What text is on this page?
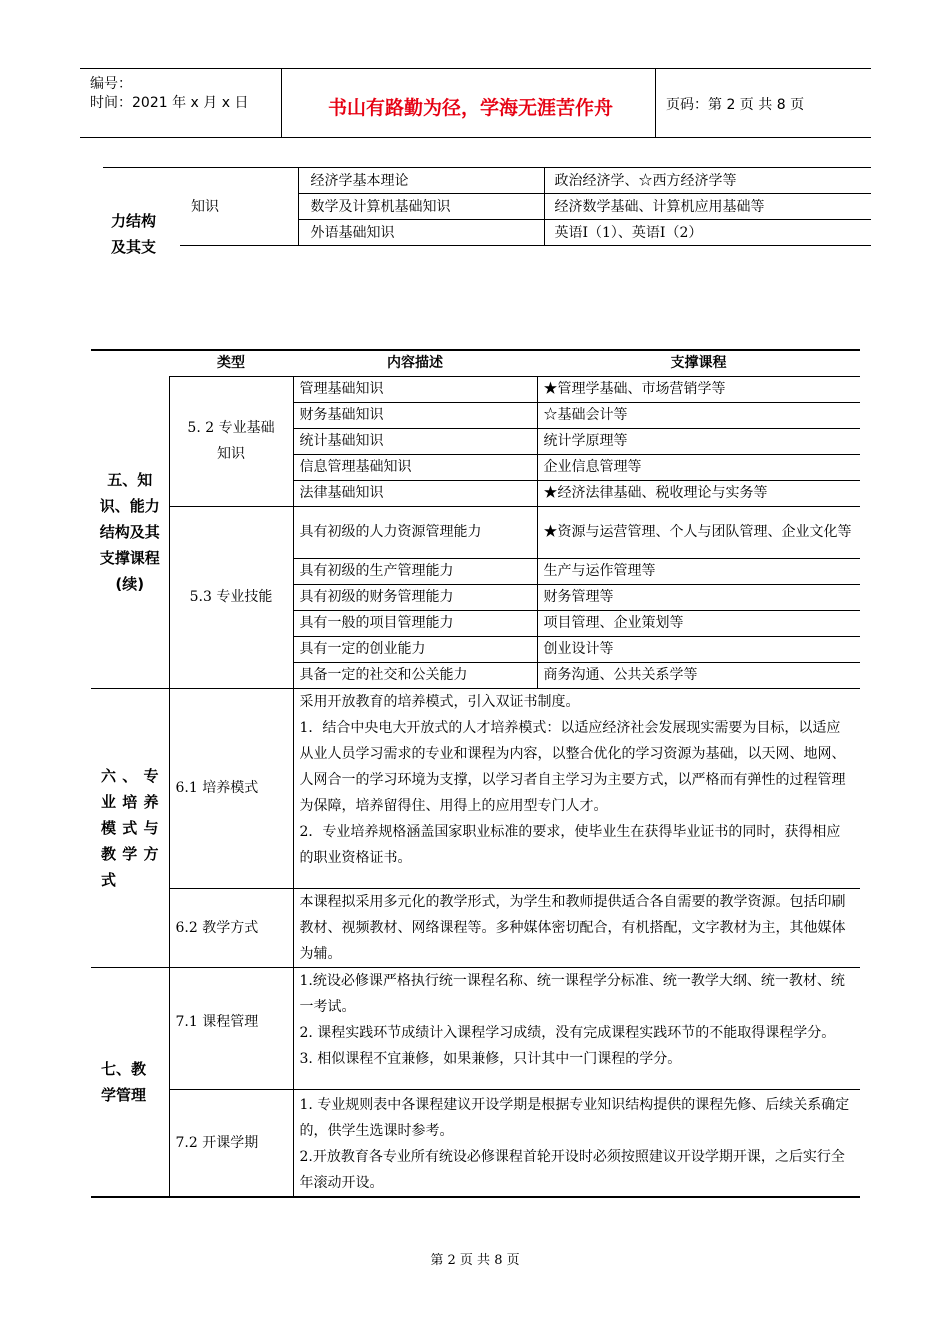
编号：
时间：2021 年 x 月 x 日	书山有路勤为径，学海无涯苦作舟	页码：第 2 页 共 8 页
力结构
及其支
知识	经济学基本理论	政治经济学、☆西方经济学等
	数学及计算机基础知识	经济数学基础、计算机应用基础等
	外语基础知识	英语Ⅰ（1）、英语Ⅰ（2）
	类型	内容描述	支撑课程
五、知识、能力结构及其支撑课程(续)	5. 2 专业基础知识	管理基础知识	★管理学基础、市场营销学等
		财务基础知识	☆基础会计等
		统计基础知识	统计学原理等
		信息管理基础知识	企业信息管理等
		法律基础知识	★经济法律基础、税收理论与实务等
	5.3 专业技能	具有初级的人力资源管理能力	★资源与运营管理、个人与团队管理、企业文化等
		具有初级的生产管理能力	生产与运作管理等
		具有初级的财务管理能力	财务管理等
		具有一般的项目管理能力	项目管理、企业策划等
		具有一定的创业能力	创业设计等
		具备一定的社交和公关能力	商务沟通、公共关系学等
六、专业培养模式与教学方式	6.1 培养模式	采用开放教育的培养模式，引入双证书制度。
1．结合中央电大开放式的人才培养模式：以适应经济社会发展现实需要为目标，以适应从业人员学习需求的专业和课程为内容，以整合优化的学习资源为基础，以天网、地网、人网合一的学习环境为支撑，以学习者自主学习为主要方式，以严格而有弹性的过程管理为保障，培养留得住、用得上的应用型专门人才。
2．专业培养规格涵盖国家职业标准的要求，使毕业生在获得毕业证书的同时，获得相应的职业资格证书。	
	6.2 教学方式	本课程拟采用多元化的教学形式，为学生和教师提供适合各自需要的教学资源。包括印刷教材、视频教材、网络课程等。多种媒体密切配合，有机搭配，文字教材为主，其他媒体为辅。	
七、教学管理	7.1 课程管理	1.统设必修课严格执行统一课程名称、统一课程学分标准、统一教学大纲、统一教材、统一考试。
2. 课程实践环节成绩计入课程学习成绩，没有完成课程实践环节的不能取得课程学分。
3. 相似课程不宜兼修，如果兼修，只计其中一门课程的学分。	
	7.2 开课学期	1. 专业规则表中各课程建议开设学期是根据专业知识结构提供的课程先修、后续关系确定的，供学生选课时参考。
2.开放教育各专业所有统设必修课程首轮开设时必须按照建议开设学期开课，之后实行全年滚动开设。	
第 2 页 共 8 页
